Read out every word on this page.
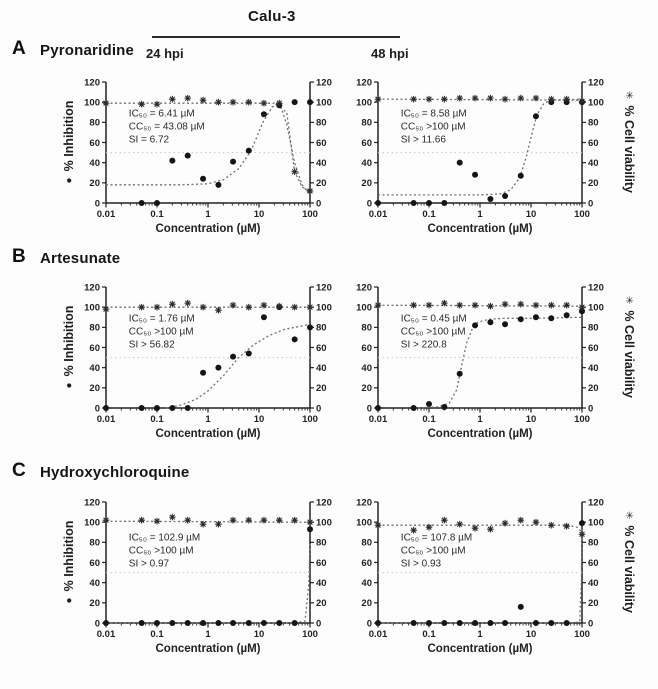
Calu-3
24 hpi	48 hpi
A Pyronaridine
●
% Inhibition
0	0
20	20
40	40
60	60
80	80
100	100
120	120
0.01	0.1	1	10	100
IC₅₀ = 6.41 µM
CC₅₀ = 43.08 µM
SI = 6.72
Concentration (µM)
0	0
20	20
40	40
60	60
80	80
100	100
120	120
0.01	0.1	1	10	100
IC₅₀ = 8.58 µM
CC₅₀ >100 µM
SI > 11.66
Concentration (µM)
✳
% Cell viability
B Artesunate
●
% Inhibition
0	0
20	20
40	40
60	60
80	80
100	100
120	120
0.01	0.1	1	10	100
IC₅₀ = 1.76 µM
CC₅₀ >100 µM
SI > 56.82
Concentration (µM)
0	0
20	20
40	40
60	60
80	80
100	100
120	120
0.01	0.1	1	10	100
IC₅₀ = 0.45 µM
CC₅₀ >100 µM
SI > 220.8
Concentration (µM)
✳
% Cell viability
C Hydroxychloroquine
●
% Inhibition
0	0
20	20
40	40
60	60
80	80
100	100
120	120
0.01	0.1	1	10	100
IC₅₀ = 102.9 µM
CC₅₀ >100 µM
SI > 0.97
Concentration (µM)
0	0
20	20
40	40
60	60
80	80
100	100
120	120
0.01	0.1	1	10	100
IC₅₀ = 107.8 µM
CC₅₀ >100 µM
SI > 0.93
Concentration (µM)
✳
% Cell viability
